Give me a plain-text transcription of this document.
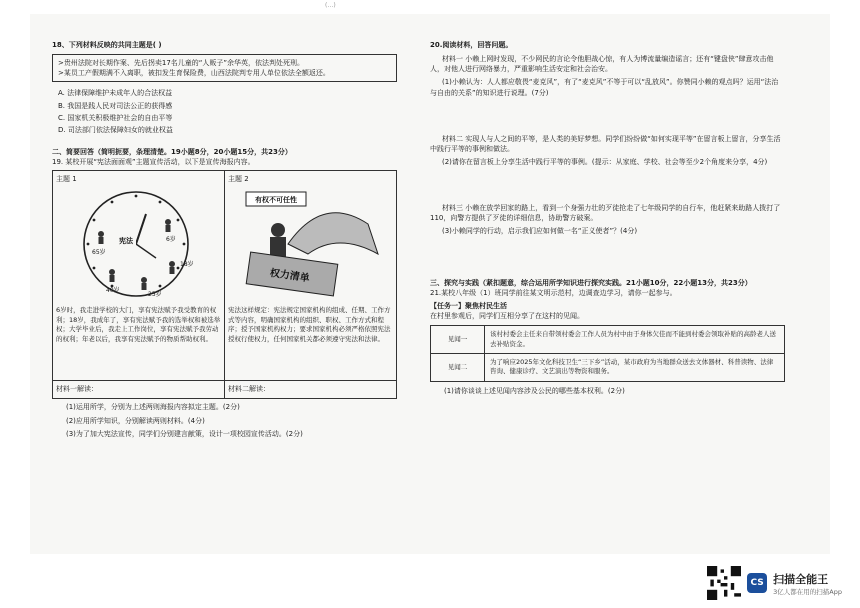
(…)
18、下列材料反映的共同主题是( )
>贵州法院对长期作案、先后拐卖17名儿童的“人贩子”余华英，依法判处死刑。
>某员工产假期满不入离职，被扣发生育保险费，山西法院判专用人单位依法全额返还。
A. 法律保障维护未成年人的合法权益
B. 我国是践人民对司法公正的获得感
C. 国家机关积极维护社会的自由平等
D. 司法部门依法保障妇女的就业权益
二、简要回答（简明扼要，条理清楚。19小题8分，20小题15分，共23分）
19. 某校开展“宪法面面观”主题宣传活动，以下是宣传海报内容。
主题 1
宪法	6岁
18岁
25岁
40岁
65岁
6岁时，我走进学校的大门，享有宪法赋予我受教育的权利；18岁，我成年了，享有宪法赋予我的选举权和被选举权；大学毕业后，我走上工作岗位，享有宪法赋予我劳动的权利；年老以后，我享有宪法赋予的物质帮助权利。
材料一解读：
主题 2
有权不可任性
权力清单
宪法这样规定：宪法规定国家机构的组成、任期、工作方式等内容，明确国家机构的组织、职权、工作方式和程序；授予国家机构权力；要求国家机构必须严格依照宪法授权行使权力，任何国家机关都必须遵守宪法和法律。
材料二解读：
(1)运用所学，分别为上述两则海报内容拟定主题。(2分)
(2)应用所学知识，分别解读两则材料。(4分)
(3)为了加大宪法宣传，同学们分别建言献策，设计一项校园宣传活动。(2分)
20.阅读材料，回答问题。
材料一 小赖上网时发现，不少网民的言论令他胆战心惊，有人为博流量编造谣言；还有“键盘侠”肆意攻击他人，对他人进行网络暴力，严重影响生活安定和社会治安。
(1)小赖认为：人人都应敬畏“麦克风”，有了“麦克风”不等于可以“乱放风”。你赞同小赖的观点吗？运用“法治与自由的关系”的知识进行说理。(7分)
材料二 实现人与人之间的平等，是人类的美好梦想。同学们纷纷做“如何实现平等”在留言板上留言，分享生活中践行平等的事例和做法。
(2)请你在留言板上分享生活中践行平等的事例。(提示：从家庭、学校、社会等至少2个角度来分享，4分)
材料三 小赖在放学回家的路上，看到一个身强力壮的歹徒抢走了七年级同学的自行车，他赶紧来助路人拨打了110，向警方提供了歹徒的详细信息，协助警方破案。
(3)小赖同学的行动，启示我们应如何做一名“正义使者”？(4分)
三、探究与实践（紧扣题意，综合运用所学知识进行探究实践。21小题10分，22小题13分，共23分）
21.某校八年级（1）班同学前往某文明示范村，边调查边学习，请你一起参与。
【任务一】聚焦村民生活
在村里参观后，同学们互相分享了在这村的见闻。
见闻一	该村村委会主任来自带领村委会工作人员为村中由于身体欠佳而不能到村委会领取补贴的高龄老人送去补贴资金。
见闻二	为了响应2025年文化科技卫生“三下乡”活动，某市政府为当地群众送去文体器材、科普读物、法律咨询、健康诊疗、文艺演出等物资和服务。
(1)请你谈谈上述见闻内容涉及公民的哪些基本权利。(2分)
CS 扫描全能王
3亿人都在用的扫描App
